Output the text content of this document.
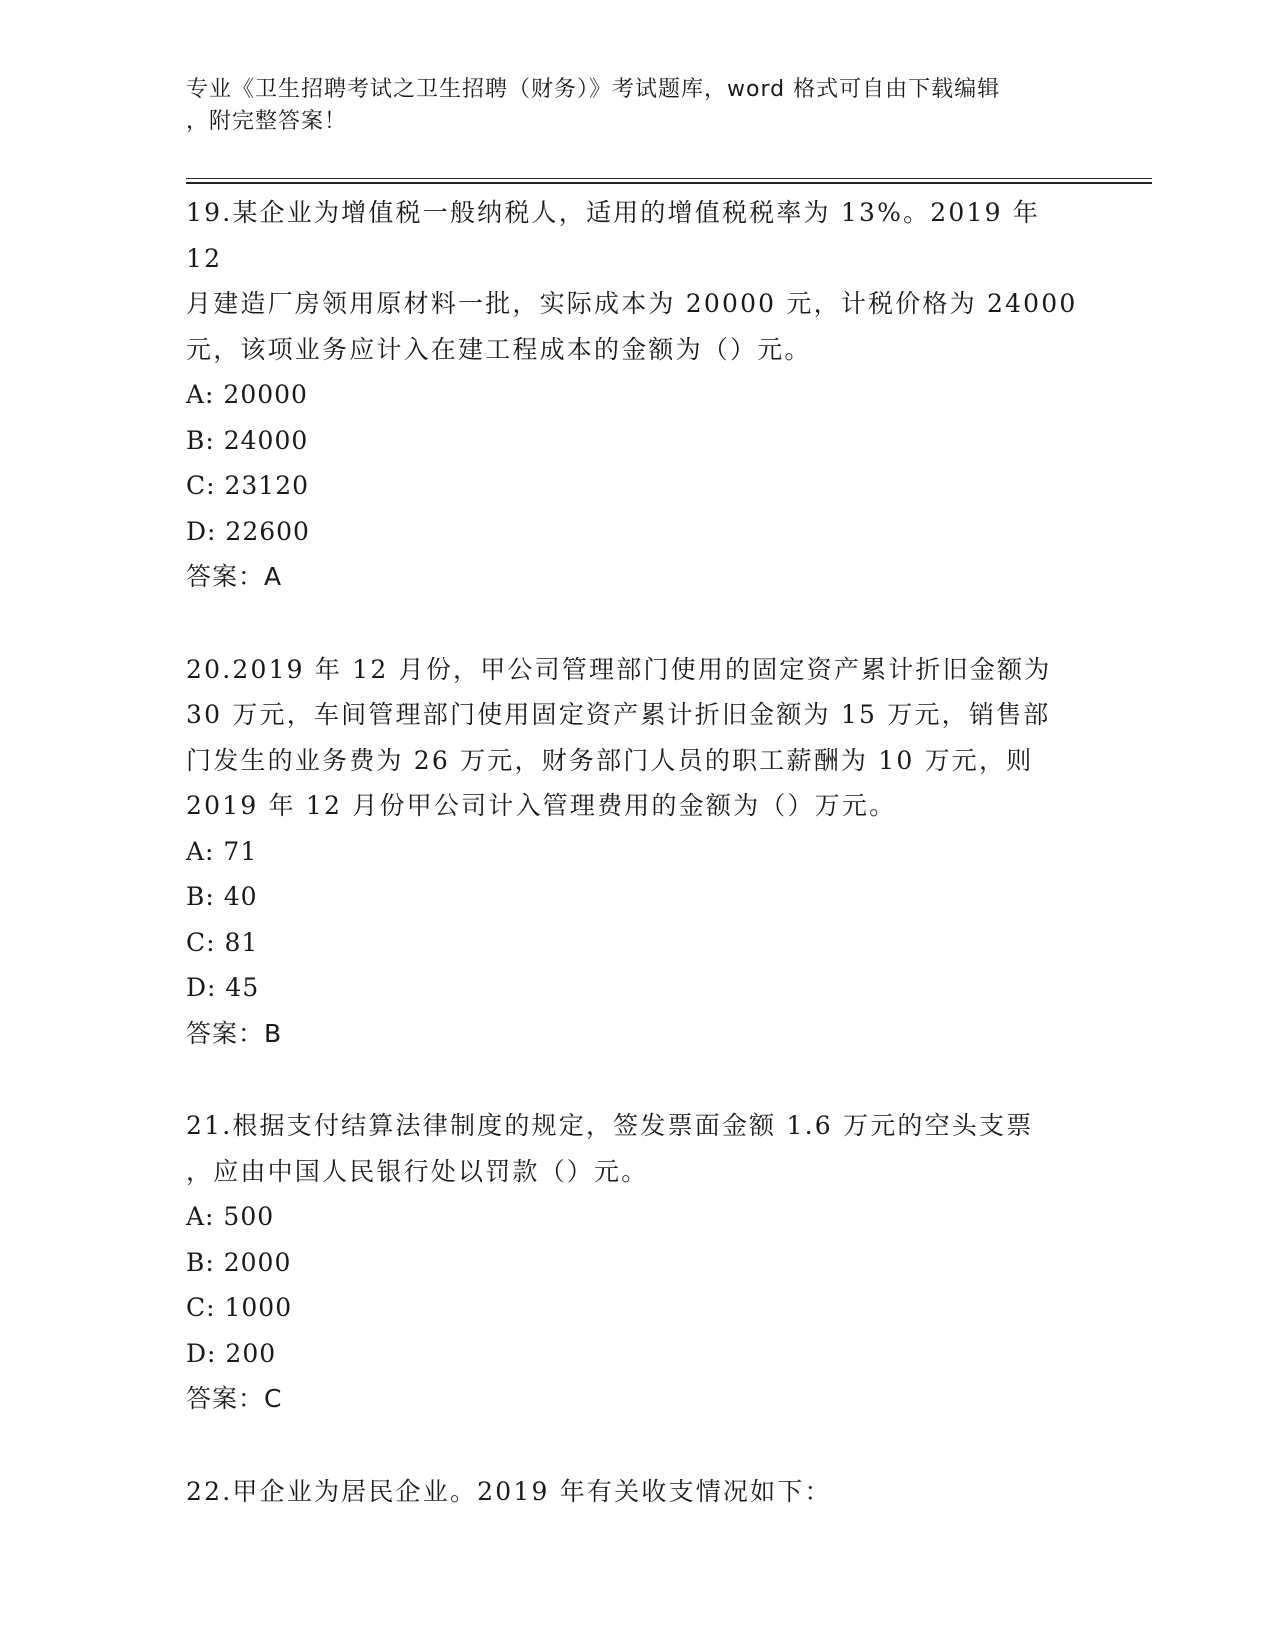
专业《卫生招聘考试之卫生招聘（财务）》考试题库，word 格式可自由下载编辑
，附完整答案！

19.某企业为增值税一般纳税人，适用的增值税税率为 13%。2019 年 12

月建造厂房领用原材料一批，实际成本为 20000 元，计税价格为 24000

元，该项业务应计入在建工程成本的金额为（）元。

A: 20000

B: 24000

C: 23120

D: 22600

答案：A

20.2019 年 12 月份，甲公司管理部门使用的固定资产累计折旧金额为

30 万元，车间管理部门使用固定资产累计折旧金额为 15 万元，销售部

门发生的业务费为 26 万元，财务部门人员的职工薪酬为 10 万元，则

2019 年 12 月份甲公司计入管理费用的金额为（）万元。

A: 71

B: 40

C: 81

D: 45

答案：B

21.根据支付结算法律制度的规定，签发票面金额 1.6 万元的空头支票

，应由中国人民银行处以罚款（）元。

A: 500

B: 2000

C: 1000

D: 200

答案：C

22.甲企业为居民企业。2019 年有关收支情况如下：
